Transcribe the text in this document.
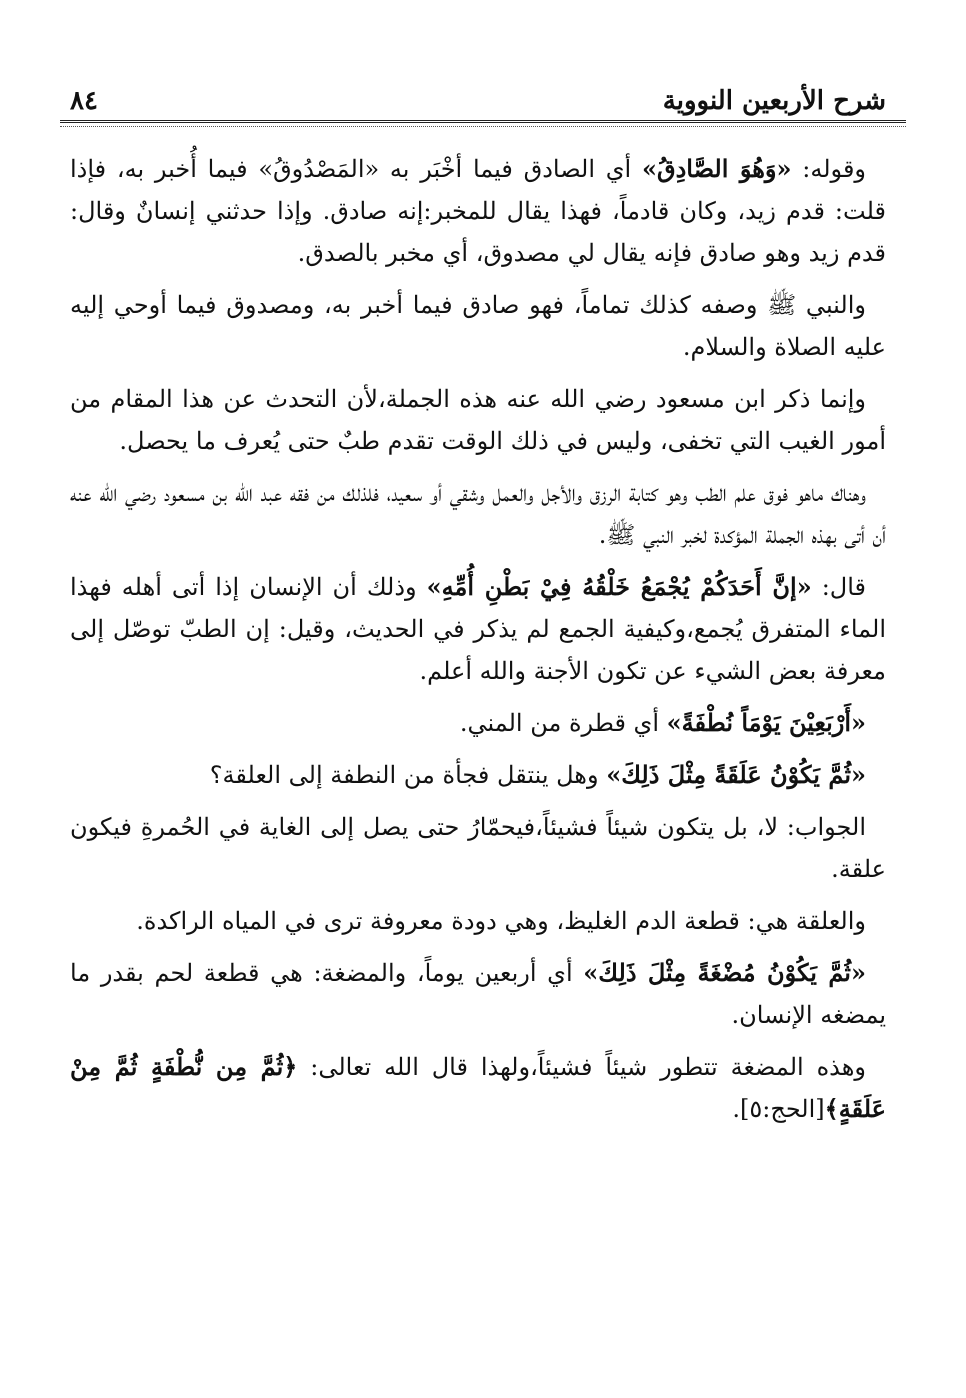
شرح الأربعين النووية
٨٤

وقوله: «وَهُوَ الصَّادِقُ» أي الصادق فيما أخْبَر به «المَصْدُوقُ» فيما أُخبر به، فإذا قلت: قدم زيد، وكان قادماً، فهذا يقال للمخبر:إنه صادق. وإذا حدثني إنسانٌ وقال: قدم زيد وهو صادق فإنه يقال لي مصدوق، أي مخبر بالصدق.

والنبي ﷺ وصفه كذلك تماماً، فهو صادق فيما أخبر به، ومصدوق فيما أوحي إليه عليه الصلاة والسلام.

وإنما ذكر ابن مسعود رضي الله عنه هذه الجملة،لأن التحدث عن هذا المقام من أمور الغيب التي تخفى، وليس في ذلك الوقت تقدم طبٌ حتى يُعرف ما يحصل.

وهناك ماهو فوق علم الطب وهو كتابة الرزق والأجل والعمل وشقي أو سعيد، فلذلك من فقه عبد الله بن مسعود رضي الله عنه أن أتى بهذه الجملة المؤكدة لخبر النبي ﷺ.

قال: «إنَّ أَحَدَكُمْ يُجْمَعُ خَلْقُهُ فِيْ بَطْنِ أُمِّهِ» وذلك أن الإنسان إذا أتى أهله فهذا الماء المتفرق يُجمع،وكيفية الجمع لم يذكر في الحديث، وقيل: إن الطبّ توصّل إلى معرفة بعض الشيء عن تكون الأجنة والله أعلم.

«أَرْبَعِيْنَ يَوْمَاً نُطْفَةً» أي قطرة من المني.

«ثُمَّ يَكُوْنُ عَلَقَةً مِثْلَ ذَلِكَ» وهل ينتقل فجأة من النطفة إلى العلقة؟

الجواب: لا، بل يتكون شيئاً فشيئاً،فيحمّارُ حتى يصل إلى الغاية في الحُمرةِ فيكون علقة.

والعلقة هي: قطعة الدم الغليظ، وهي دودة معروفة ترى في المياه الراكدة.

«ثُمَّ يَكُوْنُ مُضْغَةً مِثْلَ ذَلِكَ» أي أربعين يوماً، والمضغة: هي قطعة لحم بقدر ما يمضغه الإنسان.

وهذه المضغة تتطور شيئاً فشيئاً،ولهذا قال الله تعالى: ﴿ثُمَّ مِن نُّطْفَةٍ ثُمَّ مِنْ عَلَقَةٍ﴾[الحج:٥].
